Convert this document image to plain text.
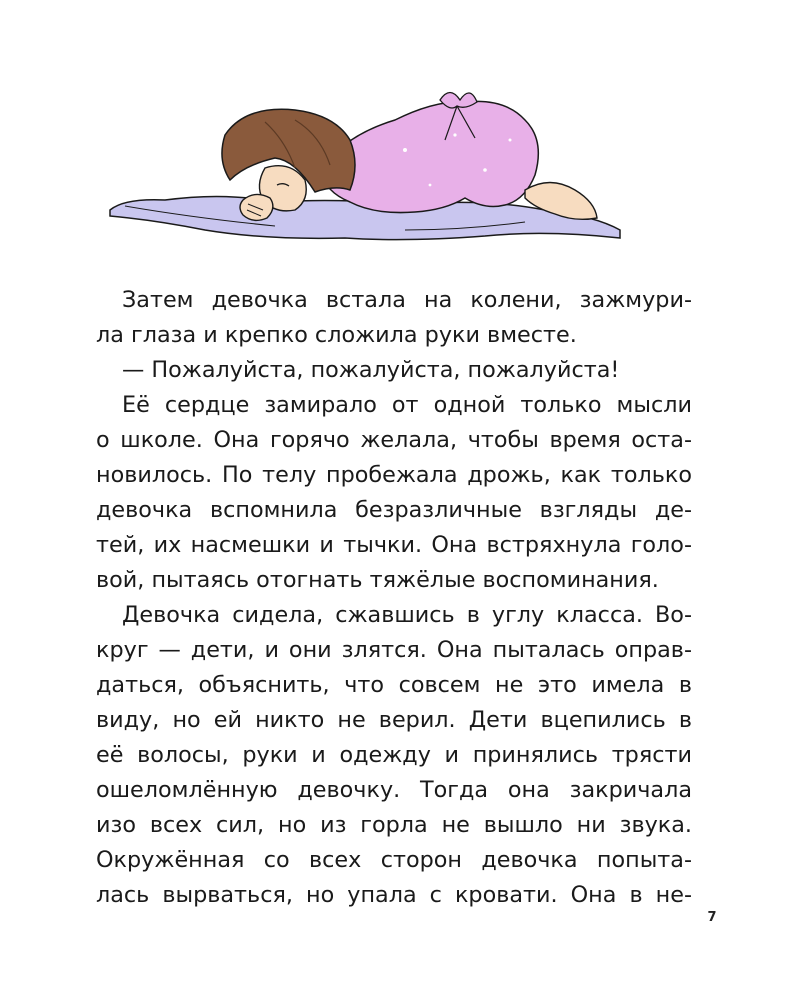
Затем девочка встала на колени, зажмури-
ла глаза и крепко сложила руки вместе.
— Пожалуйста, пожалуйста, пожалуйста!
Её сердце замирало от одной только мысли
о школе. Она горячо желала, чтобы время оста-
новилось. По телу пробежала дрожь, как только
девочка вспомнила безразличные взгляды де-
тей, их насмешки и тычки. Она встряхнула голо-
вой, пытаясь отогнать тяжёлые воспоминания.
Девочка сидела, сжавшись в углу класса. Во-
круг — дети, и они злятся. Она пыталась оправ-
даться, объяснить, что совсем не это имела в
виду, но ей никто не верил. Дети вцепились в
её волосы, руки и одежду и принялись трясти
ошеломлённую девочку. Тогда она закричала
изо всех сил, но из горла не вышло ни звука.
Окружённая со всех сторон девочка попыта-
лась вырваться, но упала с кровати. Она в не-
7
